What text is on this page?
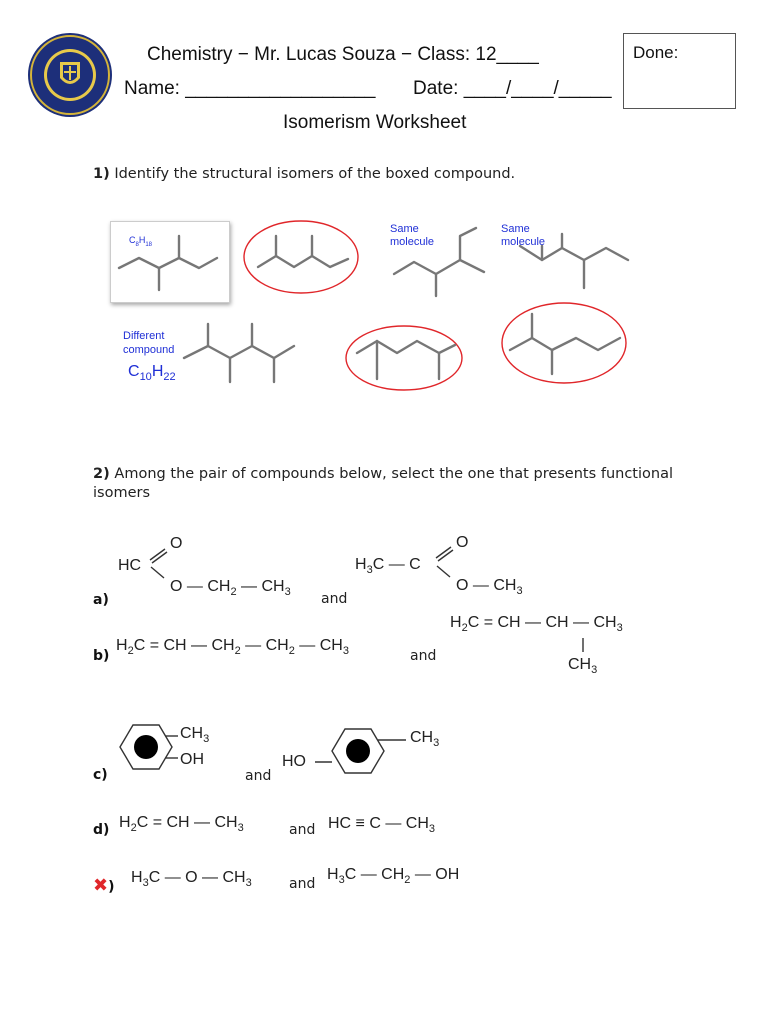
Chemistry − Mr. Lucas Souza − Class: 12____
Name: __________________ Date: ____/____/_____
Done:
Isomerism Worksheet
1) Identify the structural isomers of the boxed compound.
$C_8H_{18}$
Same molecule
Same molecule
Different compound
$C_{10}H_{22}$
2) Among the pair of compounds below, select the one that presents functional isomers
a)
HC
O
O — $CH_2$ — $CH_3$ and
$H_3C$ — C
O
O — $CH_3$
b)
$H_2C$ = CH — $CH_2$ — $CH_2$ — $CH_3$	and
$H_2C$ = CH — CH — $CH_3$
$CH_3$
c)
$CH_3$
OH
and
HO
$CH_3$
d) $H_2C$ = CH — $CH_3$	and HC ≡ C — $CH_3$
✖)
$H_3C$ — O — $CH_3$	and
$H_3C$ — $CH_2$ — OH
